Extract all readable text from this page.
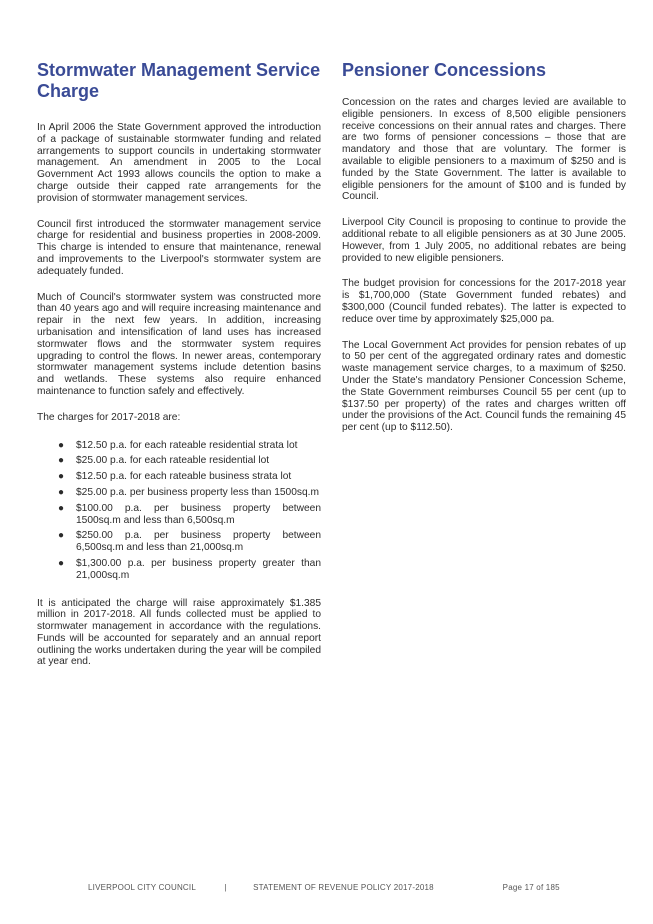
Stormwater Management Service Charge

In April 2006 the State Government approved the introduction of a package of sustainable stormwater funding and related arrangements to support councils in undertaking stormwater management. An amendment in 2005 to the Local Government Act 1993 allows councils the option to make a charge outside their capped rate arrangements for the provision of stormwater management services.

Council first introduced the stormwater management service charge for residential and business properties in 2008-2009. This charge is intended to ensure that maintenance, renewal and improvements to the Liverpool's stormwater system are adequately funded.

Much of Council's stormwater system was constructed more than 40 years ago and will require increasing maintenance and repair in the next few years. In addition, increasing urbanisation and intensification of land uses has increased stormwater flows and the stormwater system requires upgrading to control the flows. In newer areas, contemporary stormwater management systems include detention basins and wetlands. These systems also require enhanced maintenance to function safely and effectively.

The charges for 2017-2018 are:

● $12.50 p.a. for each rateable residential strata lot
● $25.00 p.a. for each rateable residential lot
● $12.50 p.a. for each rateable business strata lot
● $25.00 p.a. per business property less than 1500sq.m
● $100.00 p.a. per business property between 1500sq.m and less than 6,500sq.m
● $250.00 p.a. per business property between 6,500sq.m and less than 21,000sq.m
● $1,300.00 p.a. per business property greater than 21,000sq.m

It is anticipated the charge will raise approximately $1.385 million in 2017-2018. All funds collected must be applied to stormwater management in accordance with the regulations. Funds will be accounted for separately and an annual report outlining the works undertaken during the year will be compiled at year end.

Pensioner Concessions

Concession on the rates and charges levied are available to eligible pensioners. In excess of 8,500 eligible pensioners receive concessions on their annual rates and charges. There are two forms of pensioner concessions – those that are mandatory and those that are voluntary. The former is available to eligible pensioners to a maximum of $250 and is funded by the State Government. The latter is available to eligible pensioners for the amount of $100 and is funded by Council.

Liverpool City Council is proposing to continue to provide the additional rebate to all eligible pensioners as at 30 June 2005. However, from 1 July 2005, no additional rebates are being provided to new eligible pensioners.

The budget provision for concessions for the 2017-2018 year is $1,700,000 (State Government funded rebates) and $300,000 (Council funded rebates). The latter is expected to reduce over time by approximately $25,000 pa.

The Local Government Act provides for pension rebates of up to 50 per cent of the aggregated ordinary rates and domestic waste management service charges, to a maximum of $250. Under the State's mandatory Pensioner Concession Scheme, the State Government reimburses Council 55 per cent (up to $137.50 per property) of the rates and charges written off under the provisions of the Act. Council funds the remaining 45 per cent (up to $112.50).

LIVERPOOL CITY COUNCIL	|	STATEMENT OF REVENUE POLICY 2017-2018	Page 17 of 185
